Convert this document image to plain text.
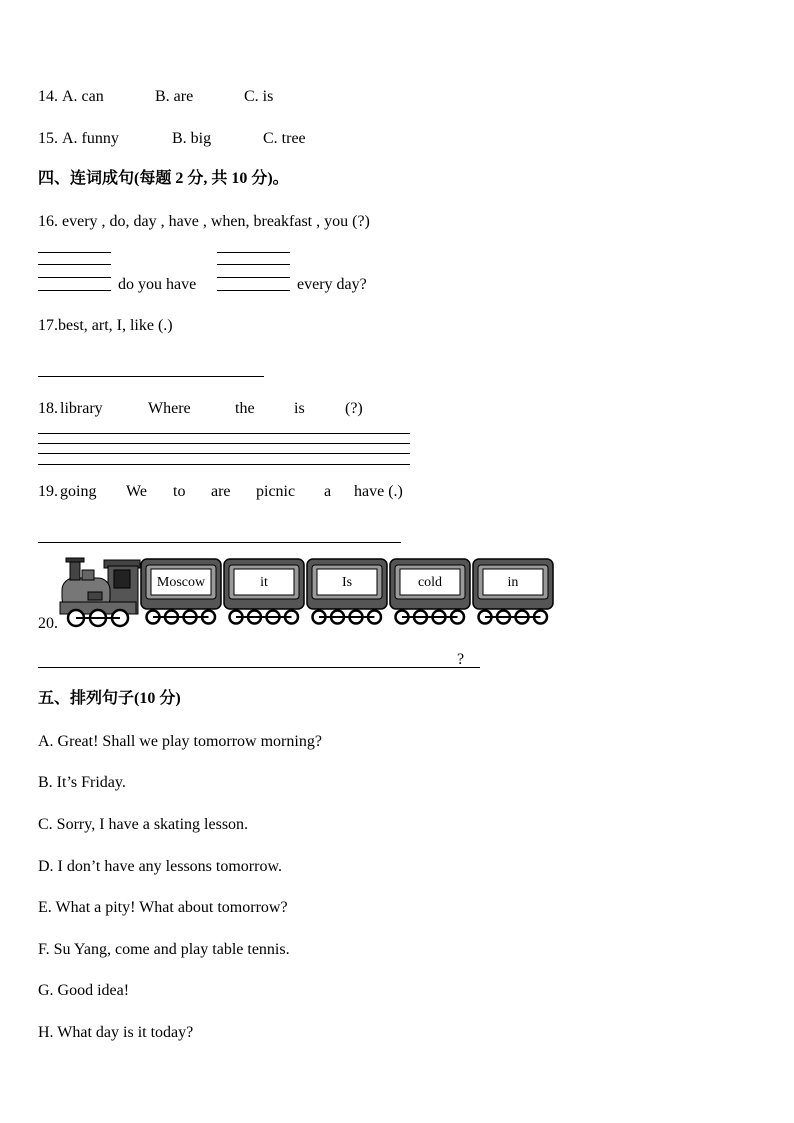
14. A. can	B. are	C. is
15. A. funny	B. big	C. tree
四、连词成句(每题 2 分, 共 10 分)。
16. every , do, day , have , when, breakfast , you (?)
do you have	every day?
17.best, art, I, like (.)
18. library	Where	the is	(?)
19. going We to are picnic a have (.)
20.
Moscow	it	Is	cold	in
?
五、排列句子(10 分)
A. Great! Shall we play tomorrow morning?
B. It’s Friday.
C. Sorry, I have a skating lesson.
D. I don’t have any lessons tomorrow.
E. What a pity! What about tomorrow?
F. Su Yang, come and play table tennis.
G. Good idea!
H. What day is it today?
